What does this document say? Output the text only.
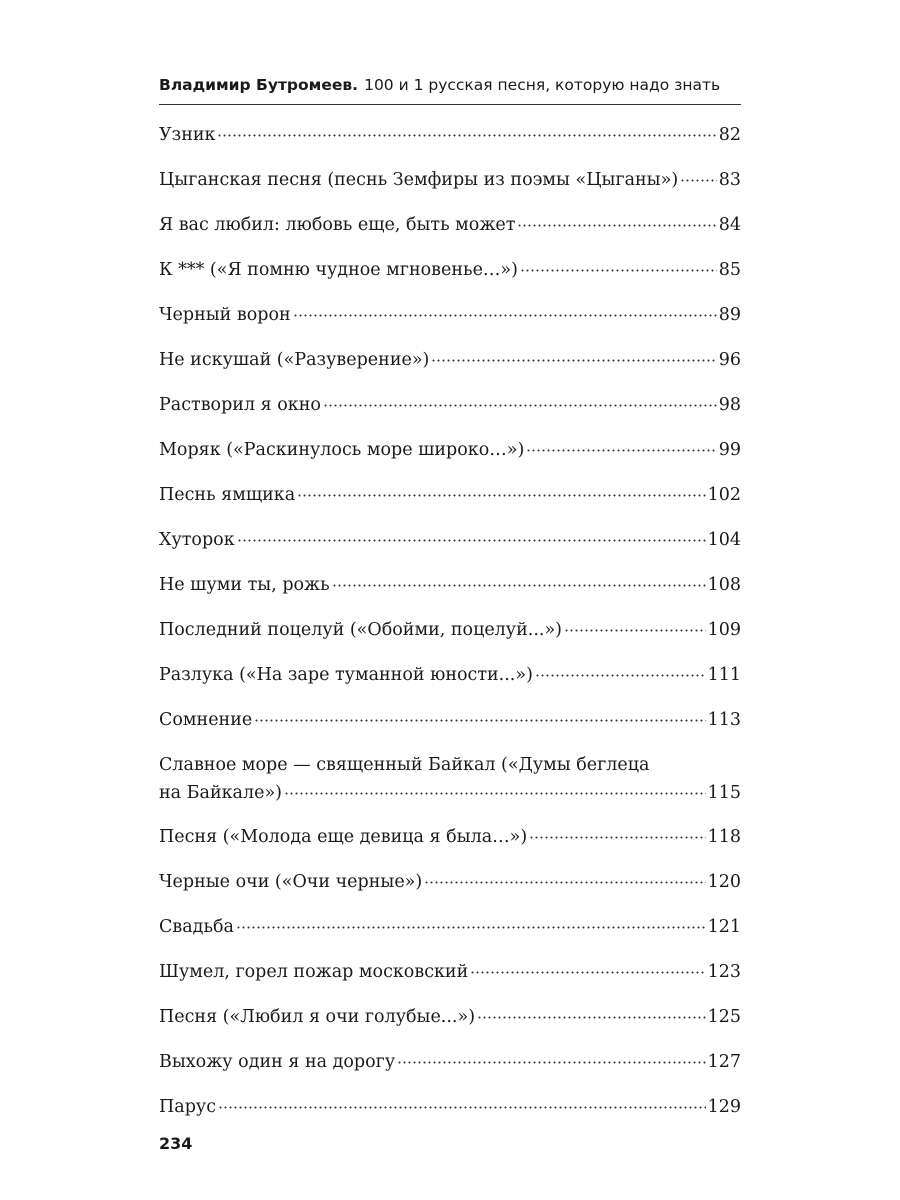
Владимир Бутромеев. 100 и 1 русская песня, которую надо знать
Узник	82
Цыганская песня (песнь Земфиры из поэмы «Цыганы») 83
Я вас любил: любовь еще, быть может	84
К *** («Я помню чудное мгновенье…»)	85
Черный ворон	89
Не искушай («Разуверение»)	96
Растворил я окно	98
Моряк («Раскинулось море широко…»)	99
Песнь ямщика	102
Хуторок	104
Не шуми ты, рожь	108
Последний поцелуй («Обойми, поцелуй...»)	109
Разлука («На заре туманной юности...»)	111
Сомнение	113
Славное море — священный Байкал («Думы беглеца
на Байкале»)	115
Песня («Молода еще девица я была…»)	118
Черные очи («Очи черные»)	120
Свадьба	121
Шумел, горел пожар московский	123
Песня («Любил я очи голубые...»)	125
Выхожу один я на дорогу	127
Парус	129
234
